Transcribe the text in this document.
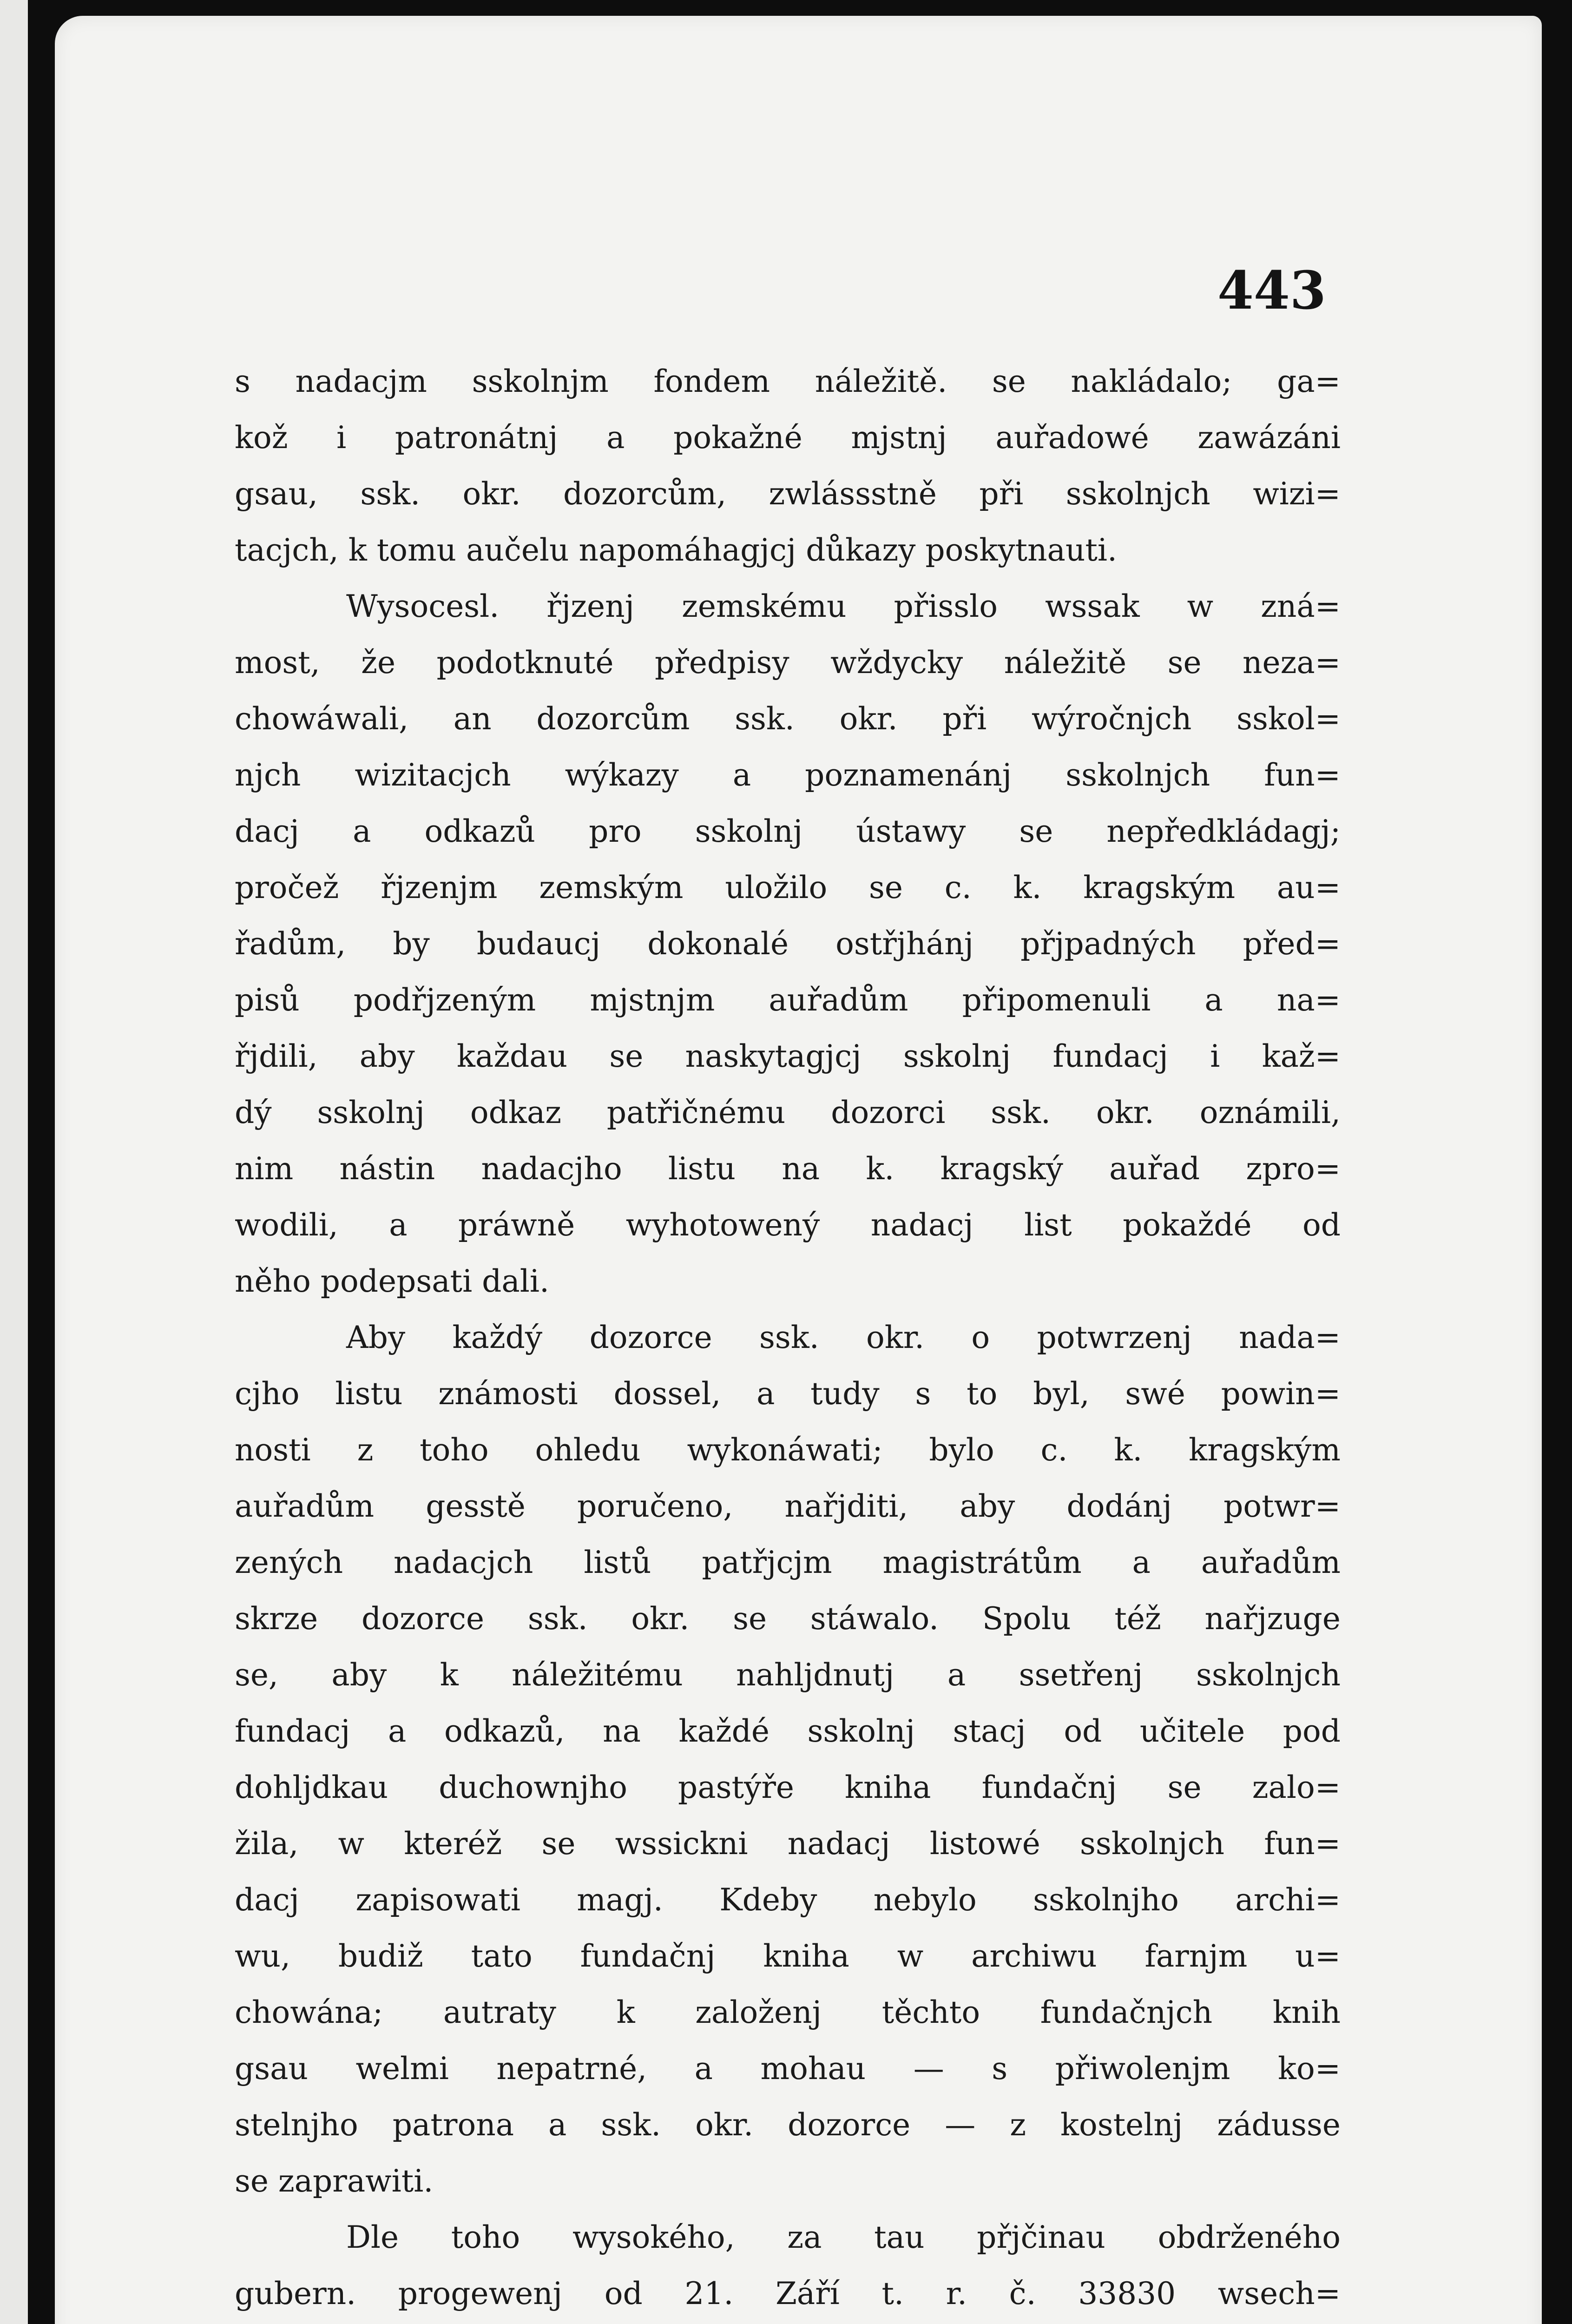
443
s nadacjm sskolnjm fondem náležitě. se nakládalo; ga=
kož i patronátnj a pokažné mjstnj auřadowé zawázáni
gsau, ssk. okr. dozorcům, zwlássstně při sskolnjch wizi=
tacjch, k tomu aučelu napomáhagjcj důkazy poskytnauti.
Wysocesl. řjzenj zemskému přisslo wssak w zná=
most, že podotknuté předpisy wždycky náležitě se neza=
chowáwali, an dozorcům ssk. okr. při wýročnjch sskol=
njch wizitacjch wýkazy a poznamenánj sskolnjch fun=
dacj a odkazů pro sskolnj ústawy se nepředkládagj;
pročež řjzenjm zemským uložilo se c. k. kragským au=
řadům, by budaucj dokonalé ostřjhánj přjpadných před=
pisů podřjzeným mjstnjm auřadům připomenuli a na=
řjdili, aby každau se naskytagjcj sskolnj fundacj i kaž=
dý sskolnj odkaz patřičnému dozorci ssk. okr. oznámili,
nim nástin nadacjho listu na k. kragský auřad zpro=
wodili, a práwně wyhotowený nadacj list pokaždé od
něho podepsati dali.
Aby každý dozorce ssk. okr. o potwrzenj nada=
cjho listu známosti dossel, a tudy s to byl, swé powin=
nosti z toho ohledu wykonáwati; bylo c. k. kragským
auřadům gesstě poručeno, nařjditi, aby dodánj potwr=
zených nadacjch listů patřjcjm magistrátům a auřadům
skrze dozorce ssk. okr. se stáwalo. Spolu též nařjzuge
se, aby k náležitému nahljdnutj a ssetřenj sskolnjch
fundacj a odkazů, na každé sskolnj stacj od učitele pod
dohljdkau duchownjho pastýře kniha fundačnj se zalo=
žila, w kteréž se wssickni nadacj listowé sskolnjch fun=
dacj zapisowati magj. Kdeby nebylo sskolnjho archi=
wu, budiž tato fundačnj kniha w archiwu farnjm u=
chowána; autraty k založenj těchto fundačnjch knih
gsau welmi nepatrné, a mohau — s přiwolenjm ko=
stelnjho patrona a ssk. okr. dozorce — z kostelnj zádusse
se zaprawiti.
Dle toho wysokého, za tau přjčinau obdrženého
gubern. progewenj od 21. Září t. r. č. 33830 wsech=
